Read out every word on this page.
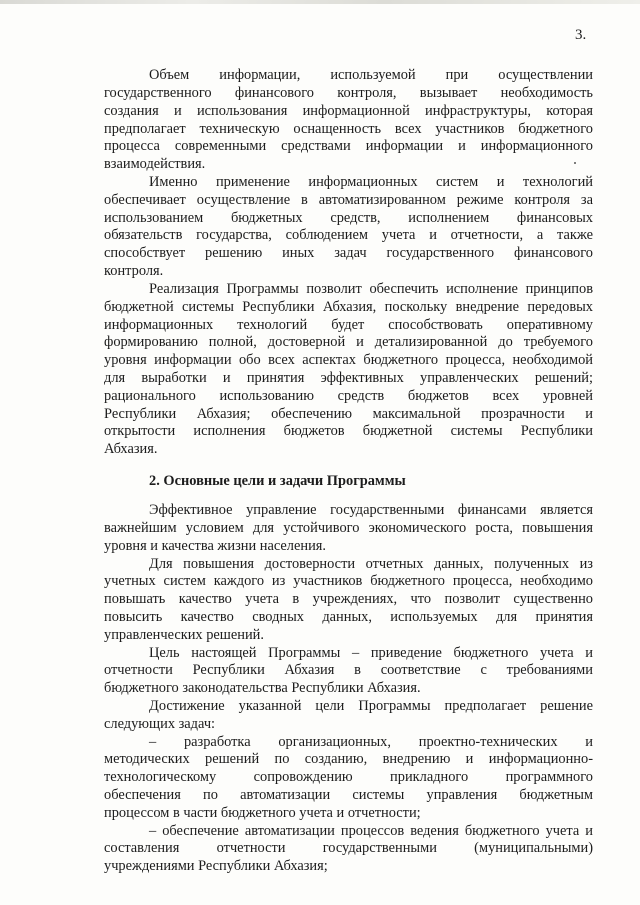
3.
Объем информации, используемой при осуществлении
государственного финансового контроля, вызывает необходимость
создания и использования информационной инфраструктуры, которая
предполагает техническую оснащенность всех участников бюджетного
процесса современными средствами информации и информационного
взаимодействия.
Именно применение информационных систем и технологий
обеспечивает осуществление в автоматизированном режиме контроля за
использованием бюджетных средств, исполнением финансовых
обязательств государства, соблюдением учета и отчетности, а также
способствует решению иных задач государственного финансового
контроля.
Реализация Программы позволит обеспечить исполнение принципов
бюджетной системы Республики Абхазия, поскольку внедрение передовых
информационных технологий будет способствовать оперативному
формированию полной, достоверной и детализированной до требуемого
уровня информации обо всех аспектах бюджетного процесса, необходимой
для выработки и принятия эффективных управленческих решений;
рационального использованию средств бюджетов всех уровней
Республики Абхазия; обеспечению максимальной прозрачности и
открытости исполнения бюджетов бюджетной системы Республики
Абхазия.
2. Основные цели и задачи Программы
Эффективное управление государственными финансами является
важнейшим условием для устойчивого экономического роста, повышения
уровня и качества жизни населения.
Для повышения достоверности отчетных данных, полученных из
учетных систем каждого из участников бюджетного процесса, необходимо
повышать качество учета в учреждениях, что позволит существенно
повысить качество сводных данных, используемых для принятия
управленческих решений.
Цель настоящей Программы – приведение бюджетного учета и
отчетности Республики Абхазия в соответствие с требованиями
бюджетного законодательства Республики Абхазия.
Достижение указанной цели Программы предполагает решение
следующих задач:
– разработка организационных, проектно-технических и
методических решений по созданию, внедрению и информационно-
технологическому сопровождению прикладного программного
обеспечения по автоматизации системы управления бюджетным
процессом в части бюджетного учета и отчетности;
– обеспечение автоматизации процессов ведения бюджетного учета и
составления отчетности государственными (муниципальными)
учреждениями Республики Абхазия;
